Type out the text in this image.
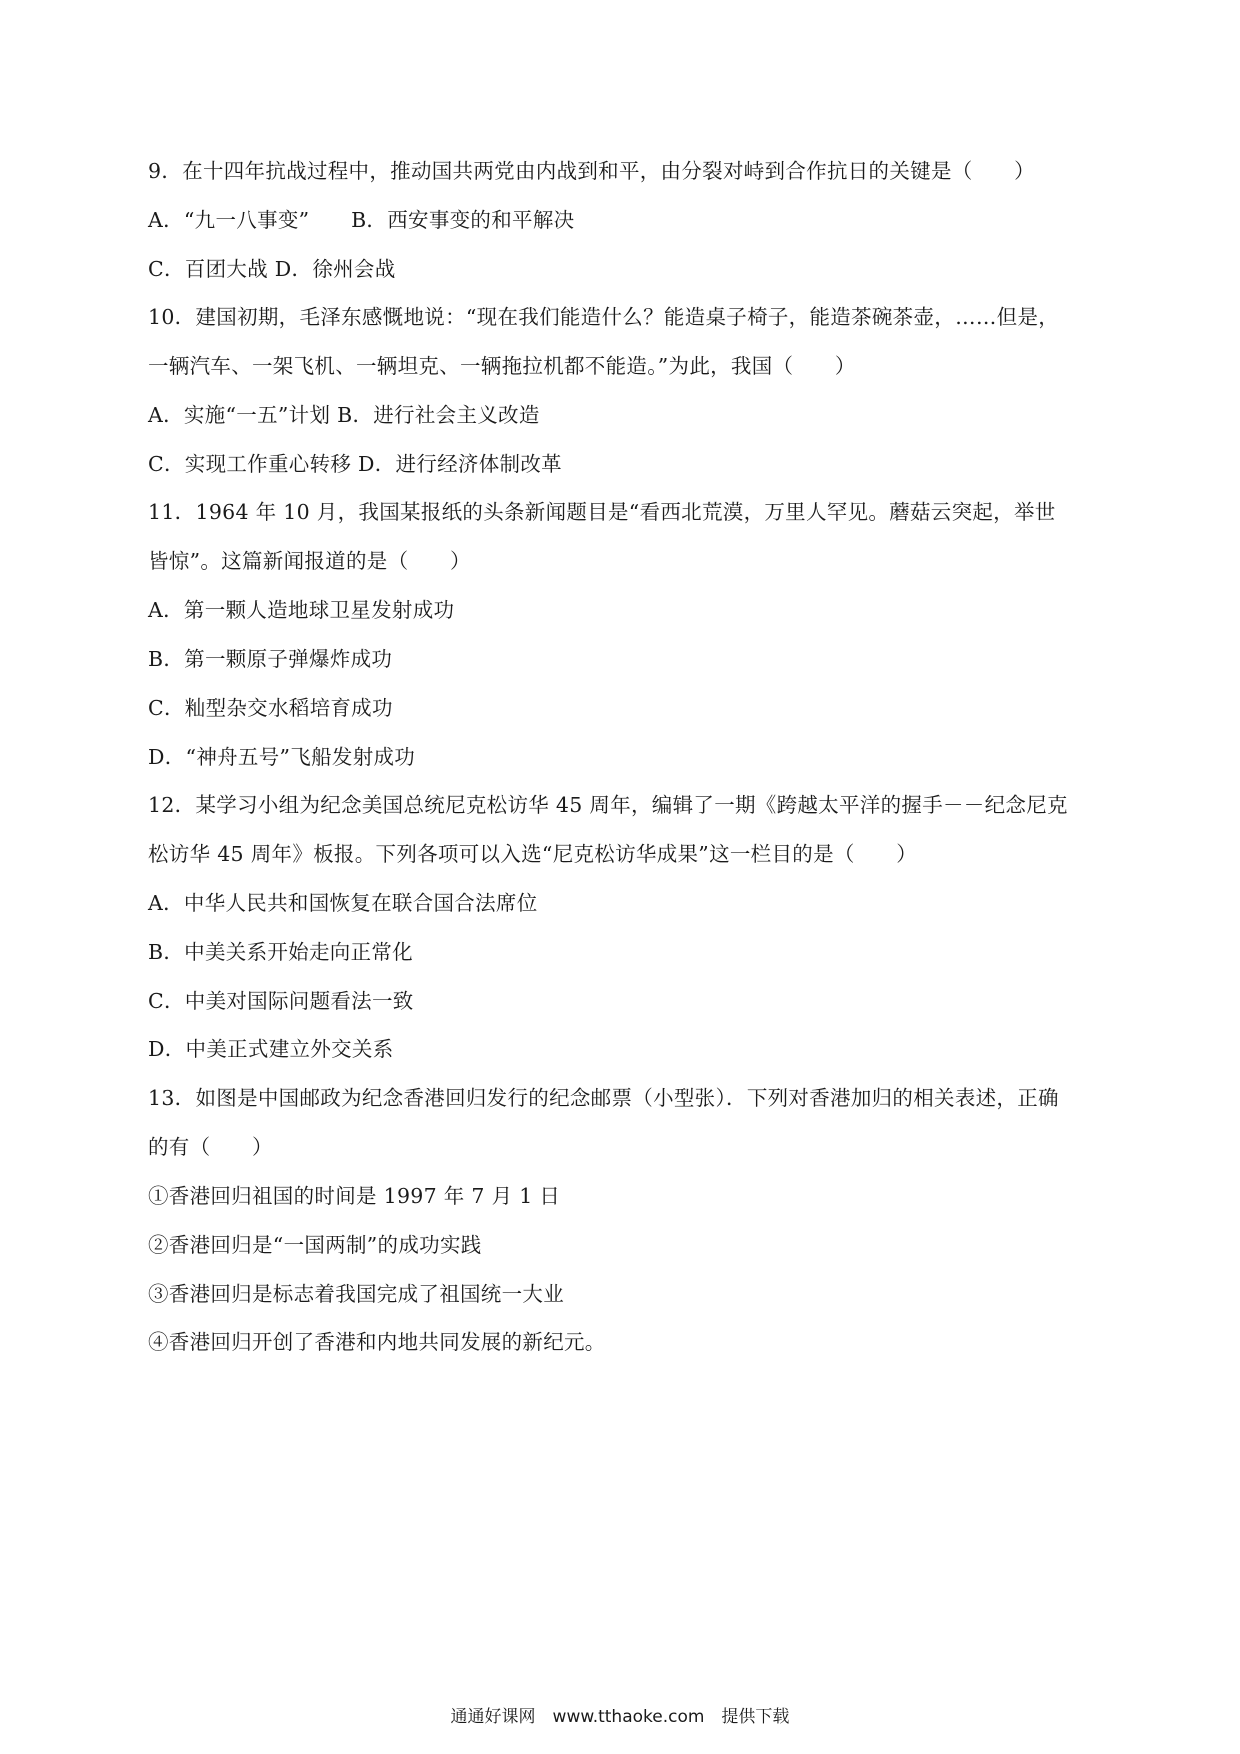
9．在十四年抗战过程中，推动国共两党由内战到和平，由分裂对峙到合作抗日的关键是（　　）
A．“九一八事变”　　B．西安事变的和平解决
C．百团大战 D．徐州会战
10．建国初期，毛泽东感慨地说：“现在我们能造什么？能造桌子椅子，能造茶碗茶壶，……但是，
一辆汽车、一架飞机、一辆坦克、一辆拖拉机都不能造。”为此，我国（　　）
A．实施“一五”计划 B．进行社会主义改造
C．实现工作重心转移 D．进行经济体制改革
11．1964 年 10 月，我国某报纸的头条新闻题目是“看西北荒漠，万里人罕见。蘑菇云突起，举世
皆惊”。这篇新闻报道的是（　　）
A．第一颗人造地球卫星发射成功
B．第一颗原子弹爆炸成功
C．籼型杂交水稻培育成功
D．“神舟五号”飞船发射成功
12．某学习小组为纪念美国总统尼克松访华 45 周年，编辑了一期《跨越太平洋的握手－－纪念尼克
松访华 45 周年》板报。下列各项可以入选“尼克松访华成果”这一栏目的是（　　）
A．中华人民共和国恢复在联合国合法席位
B．中美关系开始走向正常化
C．中美对国际问题看法一致
D．中美正式建立外交关系
13．如图是中国邮政为纪念香港回归发行的纪念邮票（小型张）．下列对香港加归的相关表述，正确
的有（　　）
①香港回归祖国的时间是 1997 年 7 月 1 日
②香港回归是“一国两制”的成功实践
③香港回归是标志着我国完成了祖国统一大业
④香港回归开创了香港和内地共同发展的新纪元。
通通好课网　www.tthaoke.com　提供下载
